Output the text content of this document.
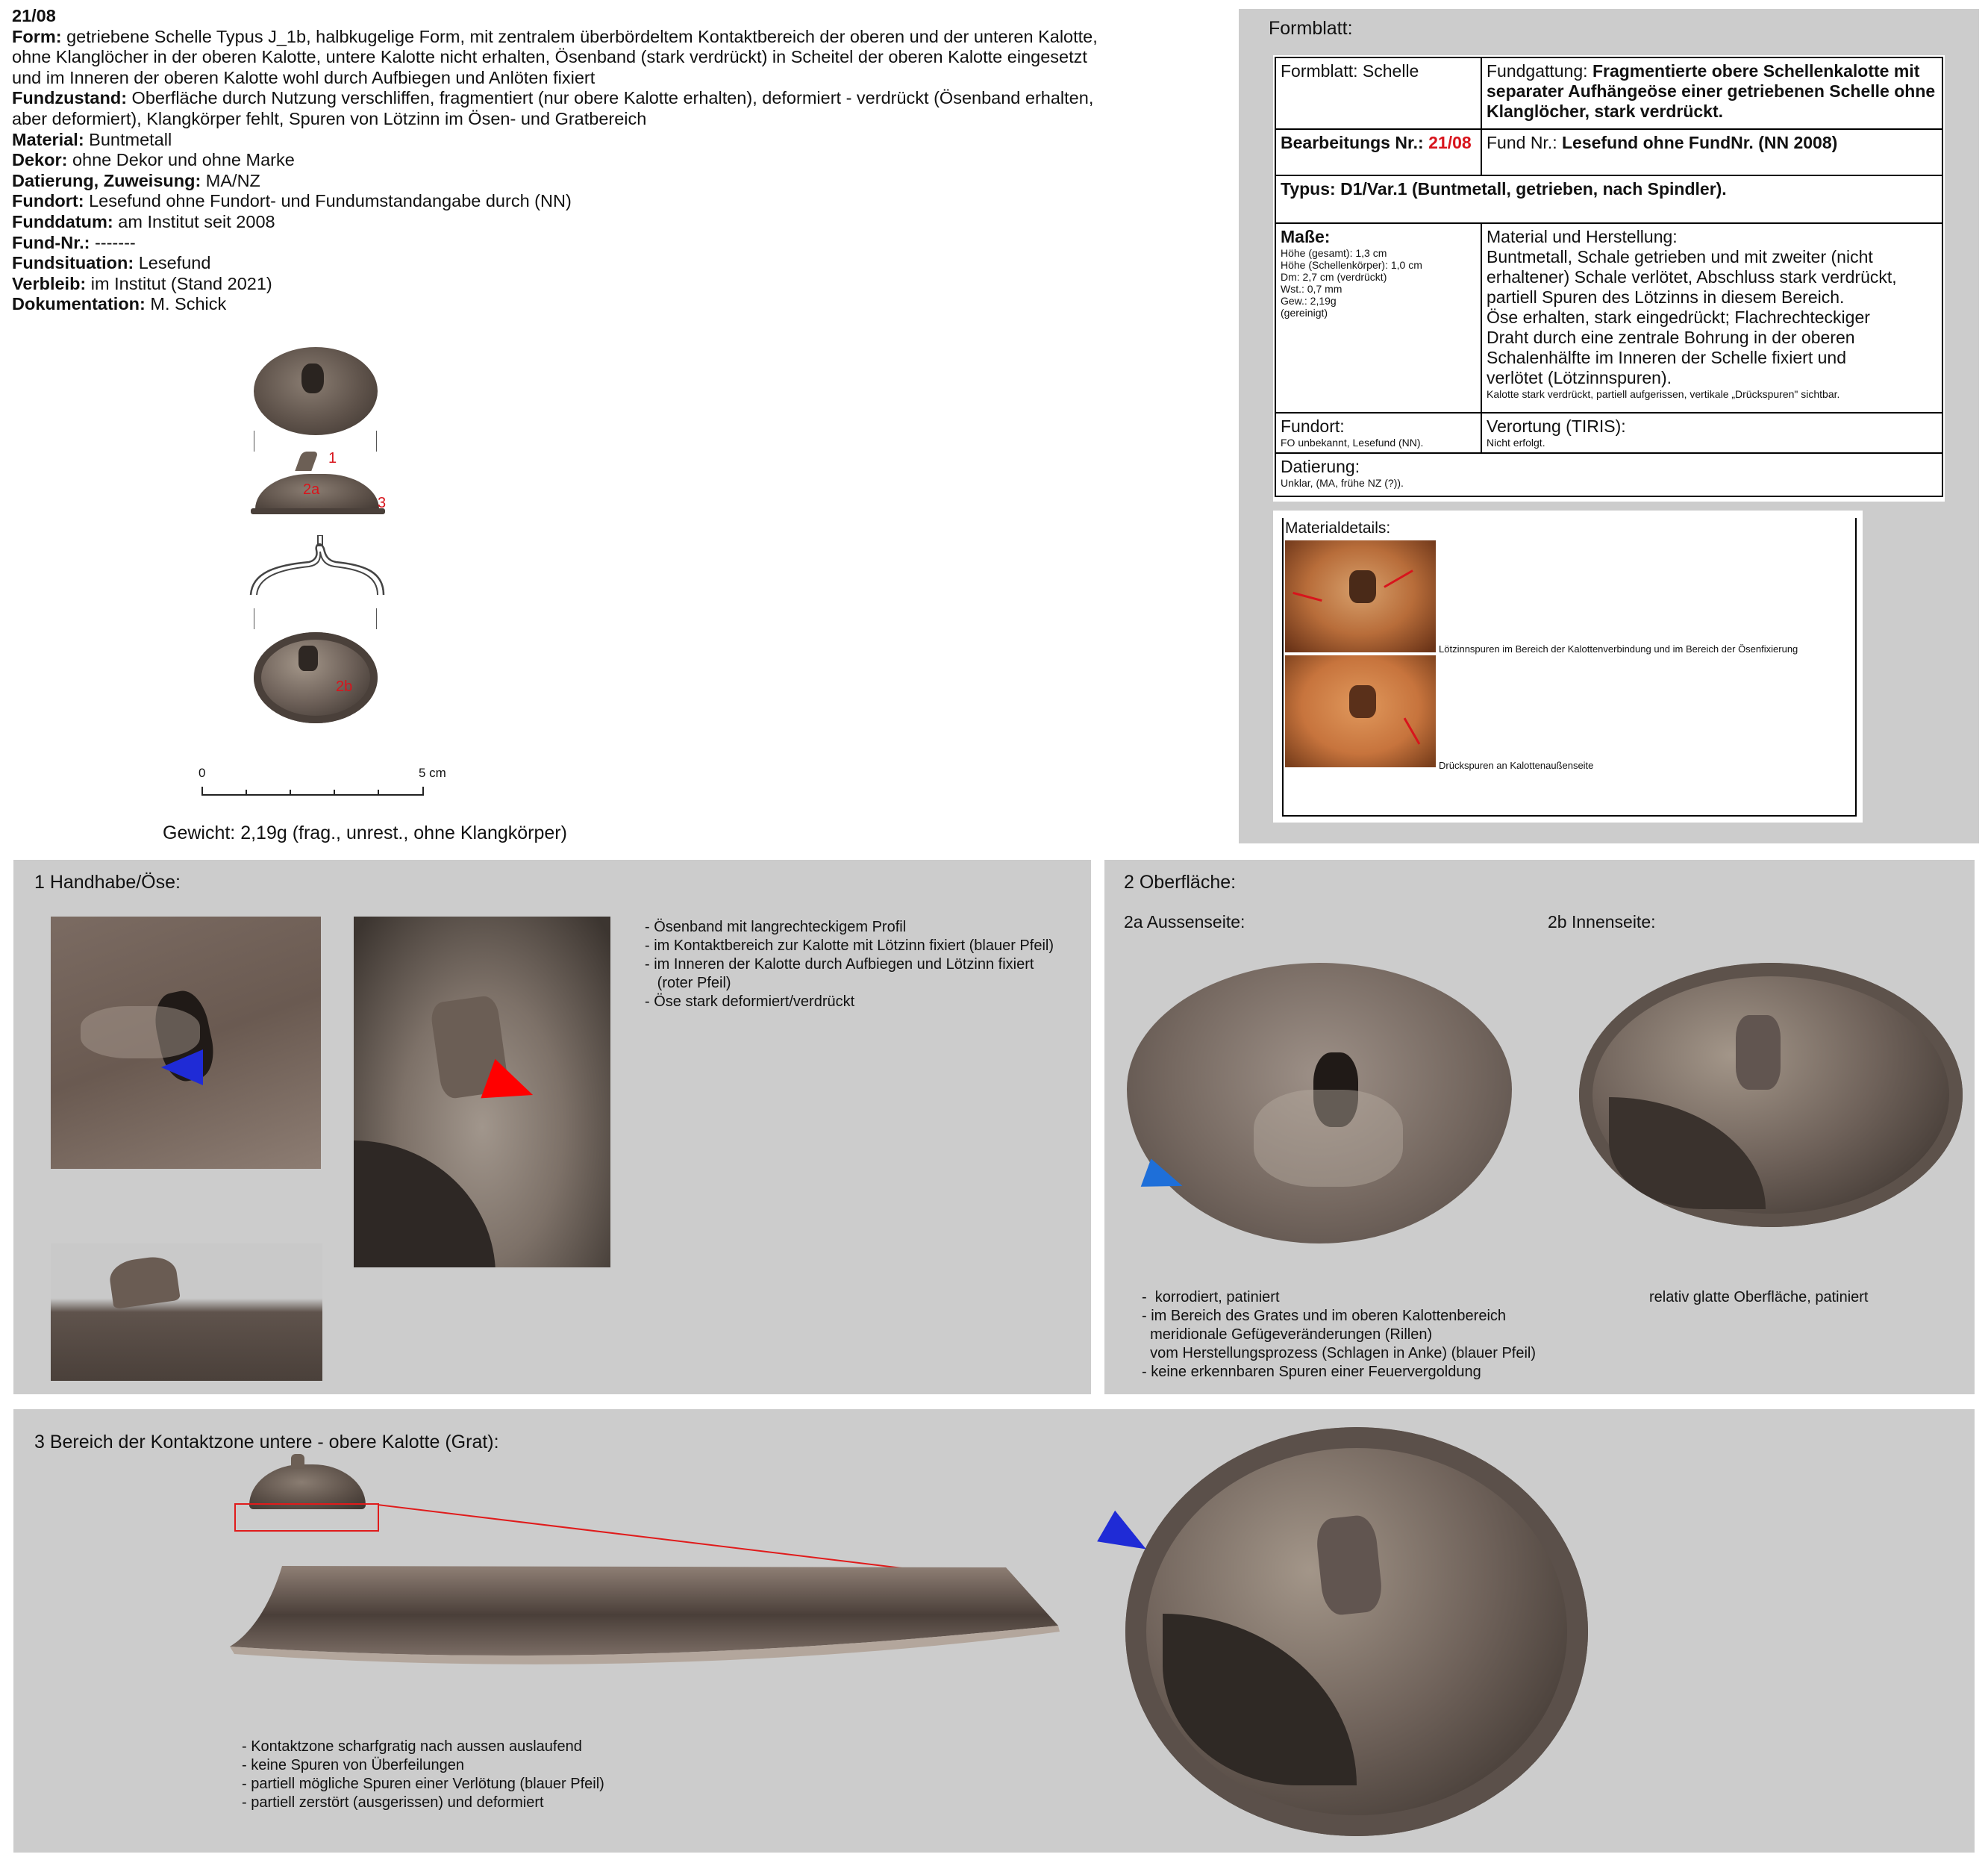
21/08
Form: getriebene Schelle Typus J_1b, halbkugelige Form, mit zentralem überbördeltem Kontaktbereich der oberen und der unteren Kalotte,
ohne Klanglöcher in der oberen Kalotte, untere Kalotte nicht erhalten, Ösenband (stark verdrückt) in Scheitel der oberen Kalotte eingesetzt
und im Inneren der oberen Kalotte wohl durch Aufbiegen und Anlöten fixiert
Fundzustand: Oberfläche durch Nutzung verschliffen, fragmentiert (nur obere Kalotte erhalten), deformiert - verdrückt (Ösenband erhalten,
aber deformiert), Klangkörper fehlt, Spuren von Lötzinn im Ösen- und Gratbereich
Material: Buntmetall
Dekor: ohne Dekor und ohne Marke
Datierung, Zuweisung: MA/NZ
Fundort: Lesefund ohne Fundort- und Fundumstandangabe durch (NN)
Funddatum: am Institut seit 2008
Fund-Nr.: -------
Fundsituation: Lesefund
Verbleib: im Institut (Stand 2021)
Dokumentation: M. Schick
1
2a
3
2b
0	5 cm
Gewicht: 2,19g (frag., unrest., ohne Klangkörper)
Formblatt:
Formblatt: Schelle	Fundgattung: Fragmentierte obere Schellenkalotte mit separater Aufhängeöse einer getriebenen Schelle ohne Klanglöcher, stark verdrückt.
Bearbeitungs Nr.: 21/08 Fund Nr.: Lesefund ohne FundNr. (NN 2008)
Typus: D1/Var.1 (Buntmetall, getrieben, nach Spindler).
Maße:
Höhe (gesamt): 1,3 cm
Höhe (Schellenkörper): 1,0 cm
Dm: 2,7 cm (verdrückt)
Wst.: 0,7 mm
Gew.: 2,19g
(gereinigt)
Material und Herstellung:
Buntmetall, Schale getrieben und mit zweiter (nicht
erhaltener) Schale verlötet, Abschluss stark verdrückt,
partiell Spuren des Lötzinns in diesem Bereich.
Öse erhalten, stark eingedrückt; Flachrechteckiger
Draht durch eine zentrale Bohrung in der oberen
Schalenhälfte im Inneren der Schelle fixiert und
verlötet (Lötzinnspuren).
Kalotte stark verdrückt, partiell aufgerissen, vertikale „Drückspuren" sichtbar.
Fundort:
FO unbekannt, Lesefund (NN).
Verortung (TIRIS):
Nicht erfolgt.
Datierung:
Unklar, (MA, frühe NZ (?)).
Materialdetails:
Lötzinnspuren im Bereich der Kalottenverbindung und im Bereich der Ösenfixierung
Drückspuren an Kalottenaußenseite
1 Handhabe/Öse:
- Ösenband mit langrechteckigem Profil
- im Kontaktbereich zur Kalotte mit Lötzinn fixiert (blauer Pfeil)
- im Inneren der Kalotte durch Aufbiegen und Lötzinn fixiert
(roter Pfeil)
- Öse stark deformiert/verdrückt
2 Oberfläche:
2a Aussenseite:	2b Innenseite:
-  korrodiert, patiniert
- im Bereich des Grates und im oberen Kalottenbereich
meridionale Gefügeveränderungen (Rillen)
vom Herstellungsprozess (Schlagen in Anke) (blauer Pfeil)
- keine erkennbaren Spuren einer Feuervergoldung
relativ glatte Oberfläche, patiniert
3 Bereich der Kontaktzone untere - obere Kalotte (Grat):
- Kontaktzone scharfgratig nach aussen auslaufend
- keine Spuren von Überfeilungen
- partiell mögliche Spuren einer Verlötung (blauer Pfeil)
- partiell zerstört (ausgerissen) und deformiert
